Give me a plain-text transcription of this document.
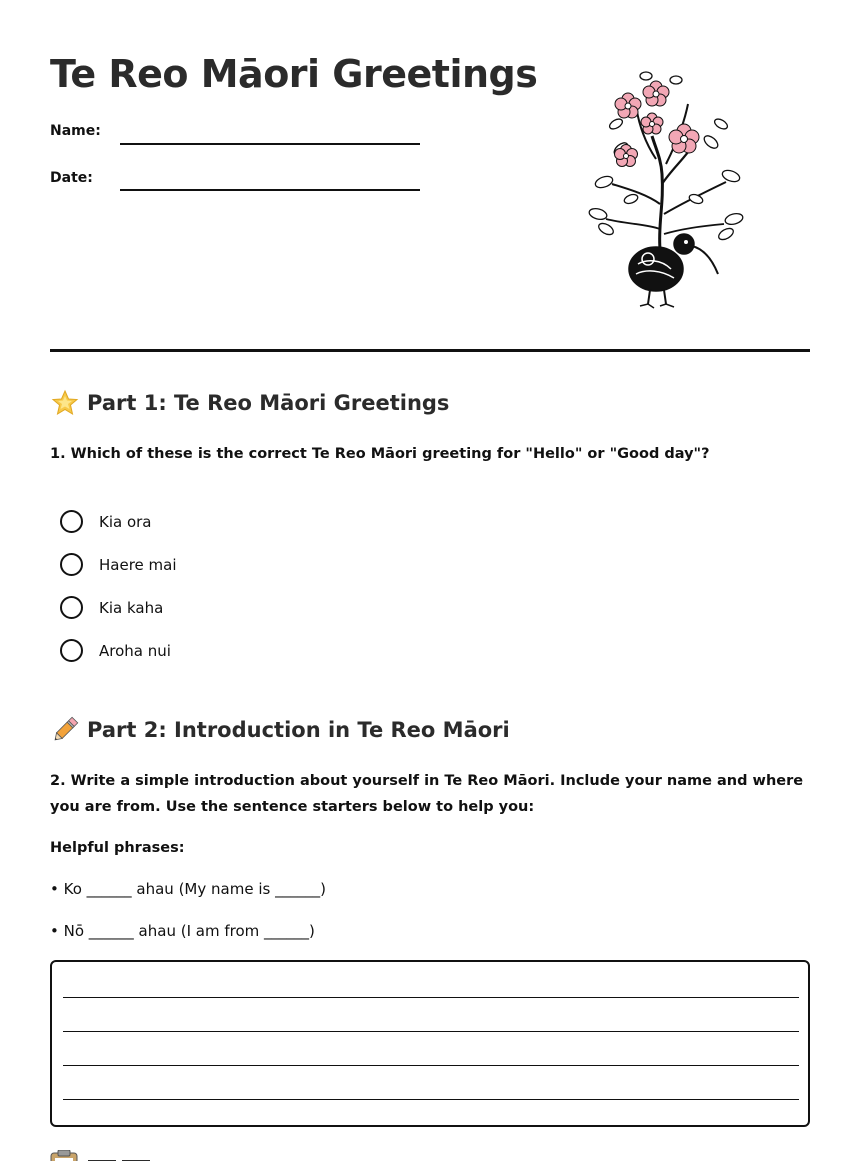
Te Reo Māori Greetings
Name:
Date:
Part 1: Te Reo Māori Greetings
1. Which of these is the correct Te Reo Māori greeting for "Hello" or "Good day"?
Kia ora
Haere mai
Kia kaha
Aroha nui
Part 2: Introduction in Te Reo Māori
2. Write a simple introduction about yourself in Te Reo Māori. Include your name and where you are from. Use the sentence starters below to help you:
Helpful phrases:
• Ko ______ ahau (My name is ______)
• Nō ______ ahau (I am from ______)
